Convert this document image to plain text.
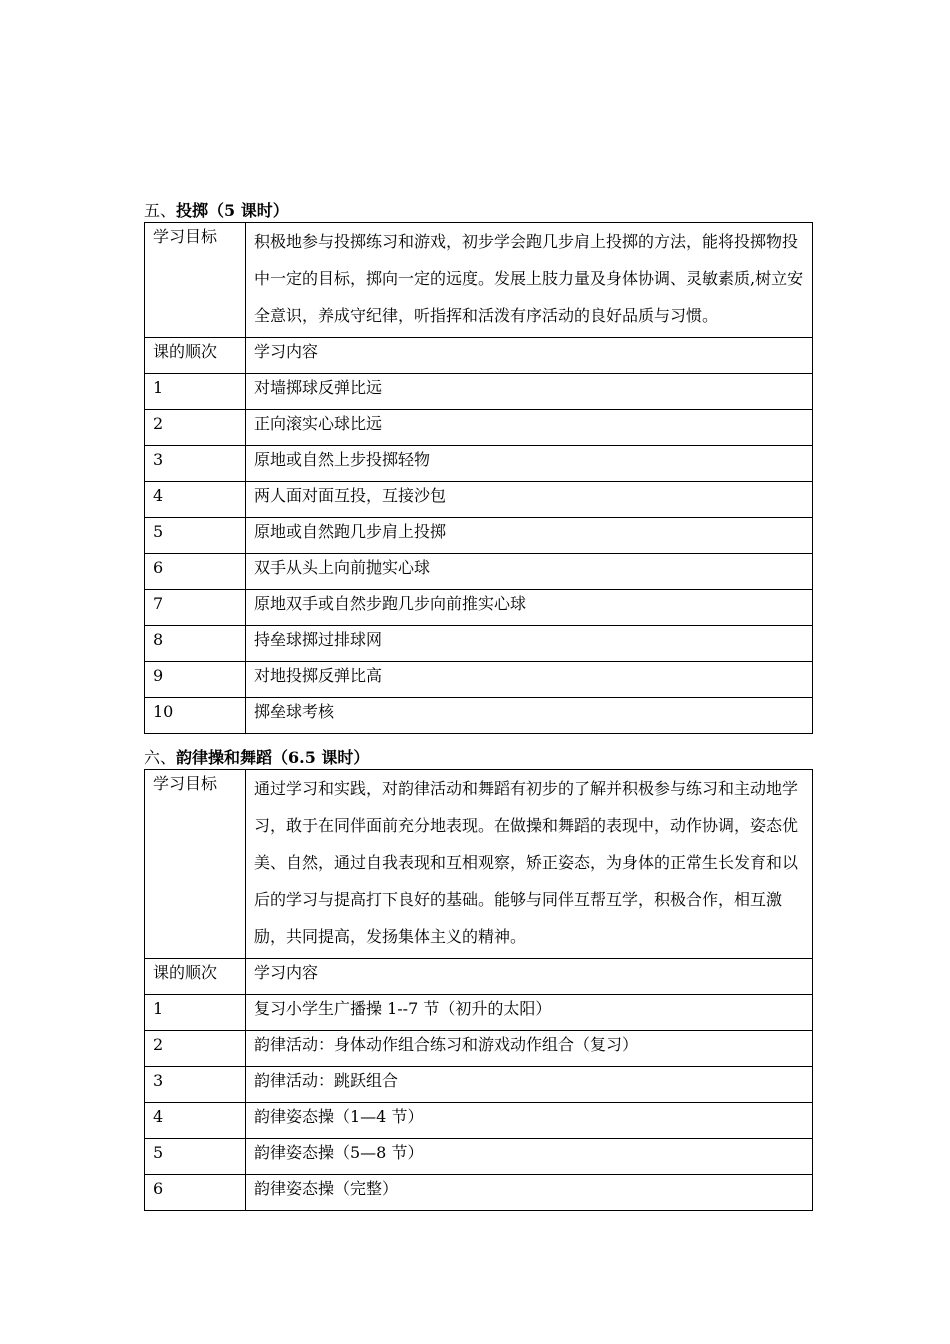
五、投掷（5 课时）
学习目标	积极地参与投掷练习和游戏，初步学会跑几步肩上投掷的方法，能将投掷物投中一定的目标，掷向一定的远度。发展上肢力量及身体协调、灵敏素质,树立安全意识，养成守纪律，听指挥和活泼有序活动的良好品质与习惯。
课的顺次	学习内容
1	对墙掷球反弹比远
2	正向滚实心球比远
3	原地或自然上步投掷轻物
4	两人面对面互投，互接沙包
5	原地或自然跑几步肩上投掷
6	双手从头上向前抛实心球
7	原地双手或自然步跑几步向前推实心球
8	持垒球掷过排球网
9	对地投掷反弹比高
10	掷垒球考核
六、韵律操和舞蹈（6.5 课时）
学习目标	通过学习和实践，对韵律活动和舞蹈有初步的了解并积极参与练习和主动地学习，敢于在同伴面前充分地表现。在做操和舞蹈的表现中，动作协调，姿态优美、自然，通过自我表现和互相观察，矫正姿态，为身体的正常生长发育和以后的学习与提高打下良好的基础。能够与同伴互帮互学，积极合作，相互激励，共同提高，发扬集体主义的精神。
课的顺次	学习内容
1	复习小学生广播操 1--7 节（初升的太阳）
2	韵律活动：身体动作组合练习和游戏动作组合（复习）
3	韵律活动：跳跃组合
4	韵律姿态操（1—4 节）
5	韵律姿态操（5—8 节）
6	韵律姿态操（完整）
